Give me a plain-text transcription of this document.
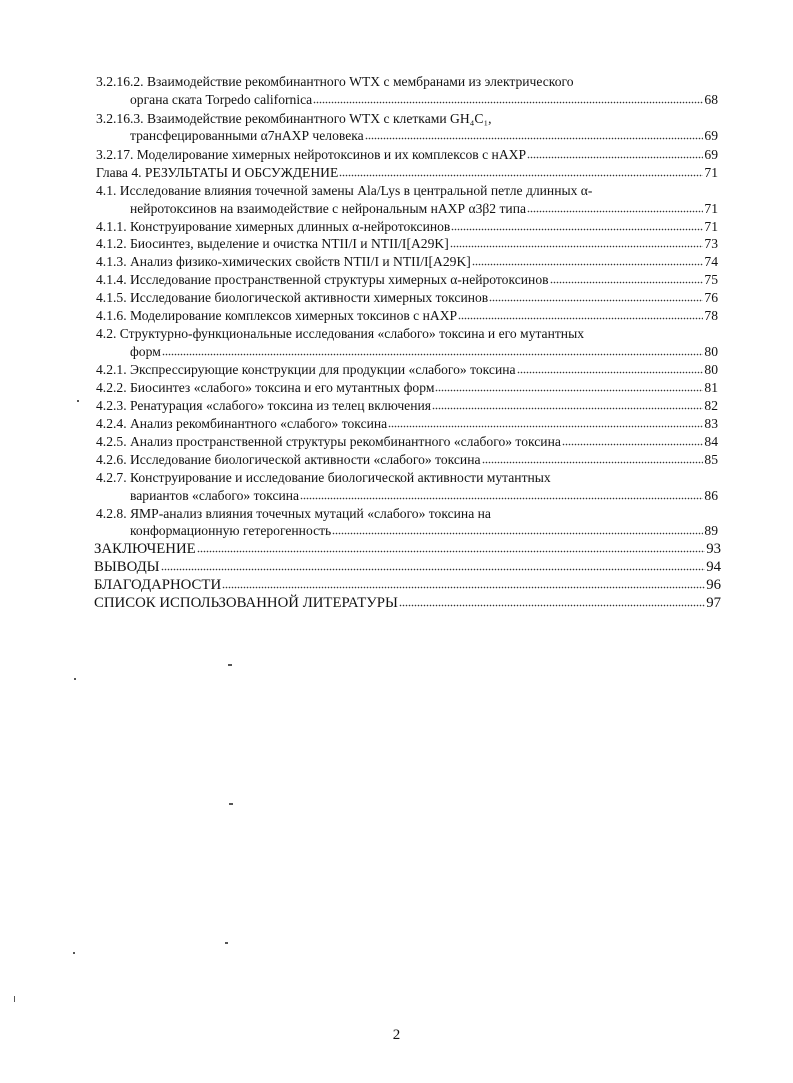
3.2.16.2. Взаимодействие рекомбинантного WTX с мембранами из электрического
органа ската Torpedo californica	68
3.2.16.3. Взаимодействие рекомбинантного WTX с клетками GH₄C₁,
трансфецированными α7нАХР человека	69
3.2.17. Моделирование химерных нейротоксинов и их комплексов с нАХР	69
Глава 4. РЕЗУЛЬТАТЫ И ОБСУЖДЕНИЕ	71
4.1. Исследование влияния точечной замены Ala/Lys в центральной петле длинных α-
нейротоксинов на взаимодействие с нейрональным нАХР α3β2 типа	71
4.1.1. Конструирование химерных длинных α-нейротоксинов	71
4.1.2. Биосинтез, выделение и очистка NTII/I и NTII/I[A29K]	73
4.1.3. Анализ физико-химических свойств NTII/I и NTII/I[A29K]	74
4.1.4. Исследование пространственной структуры химерных α-нейротоксинов	75
4.1.5. Исследование биологической активности химерных токсинов	76
4.1.6. Моделирование комплексов химерных токсинов с нАХР	78
4.2. Структурно-функциональные исследования «слабого» токсина и его мутантных
форм	80
4.2.1. Экспрессирующие конструкции для продукции «слабого» токсина	80
4.2.2. Биосинтез «слабого» токсина и его мутантных форм	81
4.2.3. Ренатурация «слабого» токсина из телец включения	82
4.2.4. Анализ рекомбинантного «слабого» токсина	83
4.2.5. Анализ пространственной структуры рекомбинантного «слабого» токсина	84
4.2.6. Исследование биологической активности «слабого» токсина	85
4.2.7. Конструирование и исследование биологической активности мутантных
вариантов «слабого» токсина	86
4.2.8. ЯМР-анализ влияния точечных мутаций «слабого» токсина на
конформационную гетерогенность	89
ЗАКЛЮЧЕНИЕ	93
ВЫВОДЫ	94
БЛАГОДАРНОСТИ	96
СПИСОК ИСПОЛЬЗОВАННОЙ ЛИТЕРАТУРЫ	97
2
